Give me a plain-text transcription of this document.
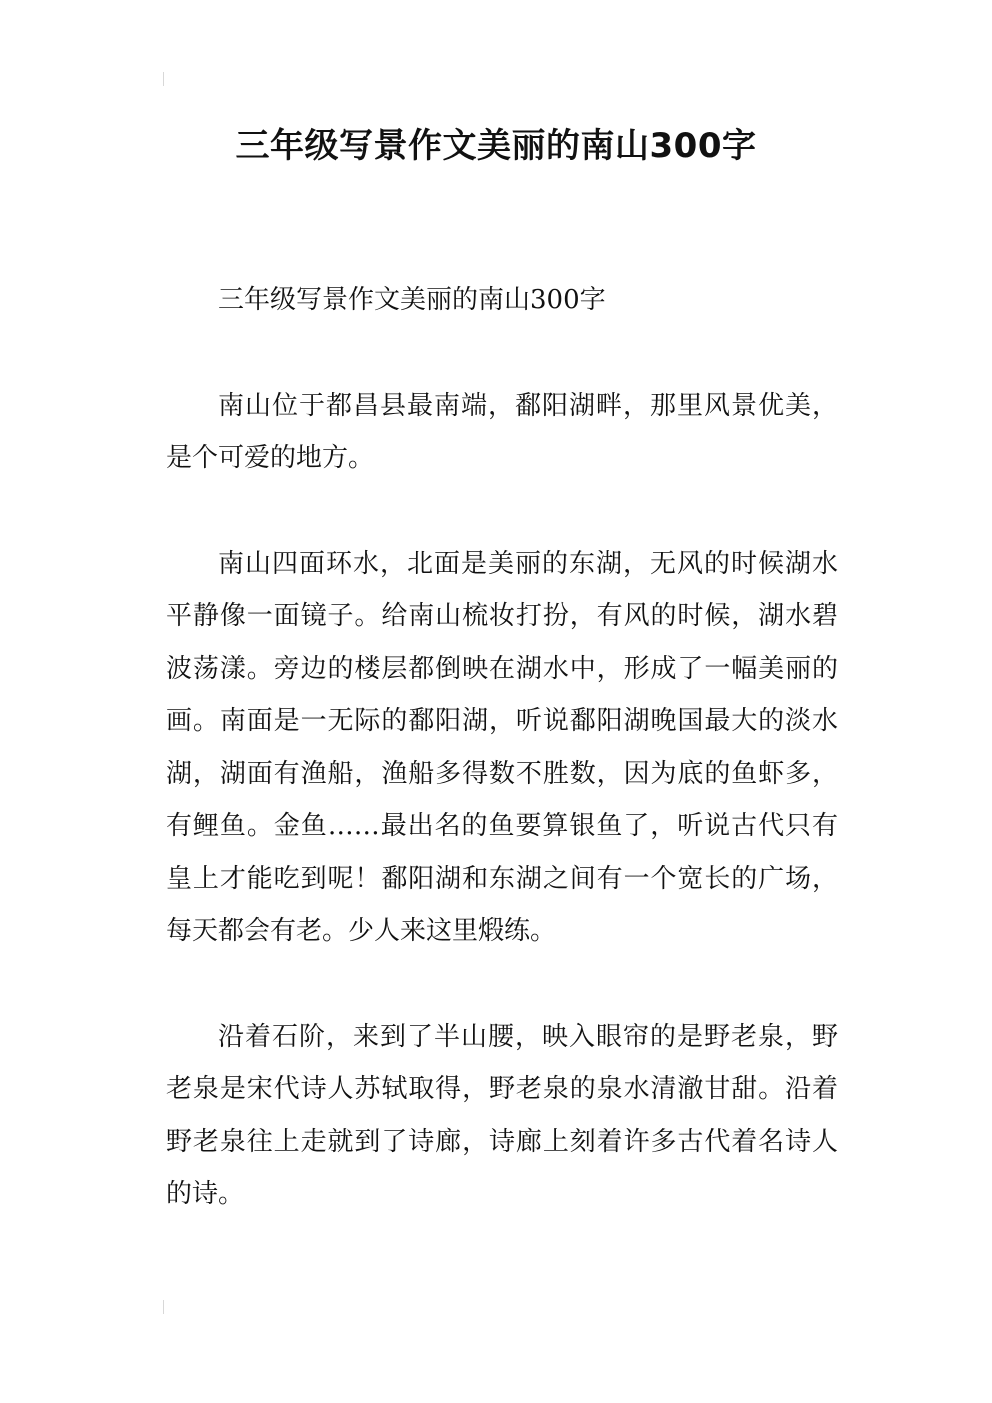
三年级写景作文美丽的南山300字

三年级写景作文美丽的南山300字

南山位于都昌县最南端，鄱阳湖畔，那里风景优美，是个可爱的地方。

南山四面环水，北面是美丽的东湖，无风的时候湖水平静像一面镜子。给南山梳妆打扮，有风的时候，湖水碧波荡漾。旁边的楼层都倒映在湖水中，形成了一幅美丽的画。南面是一无际的鄱阳湖，听说鄱阳湖晚国最大的淡水湖，湖面有渔船，渔船多得数不胜数，因为底的鱼虾多，有鲤鱼。金鱼……最出名的鱼要算银鱼了，听说古代只有皇上才能吃到呢！鄱阳湖和东湖之间有一个宽长的广场，每天都会有老。少人来这里煅练。

沿着石阶，来到了半山腰，映入眼帘的是野老泉，野老泉是宋代诗人苏轼取得，野老泉的泉水清澈甘甜。沿着野老泉往上走就到了诗廊，诗廊上刻着许多古代着名诗人的诗。
